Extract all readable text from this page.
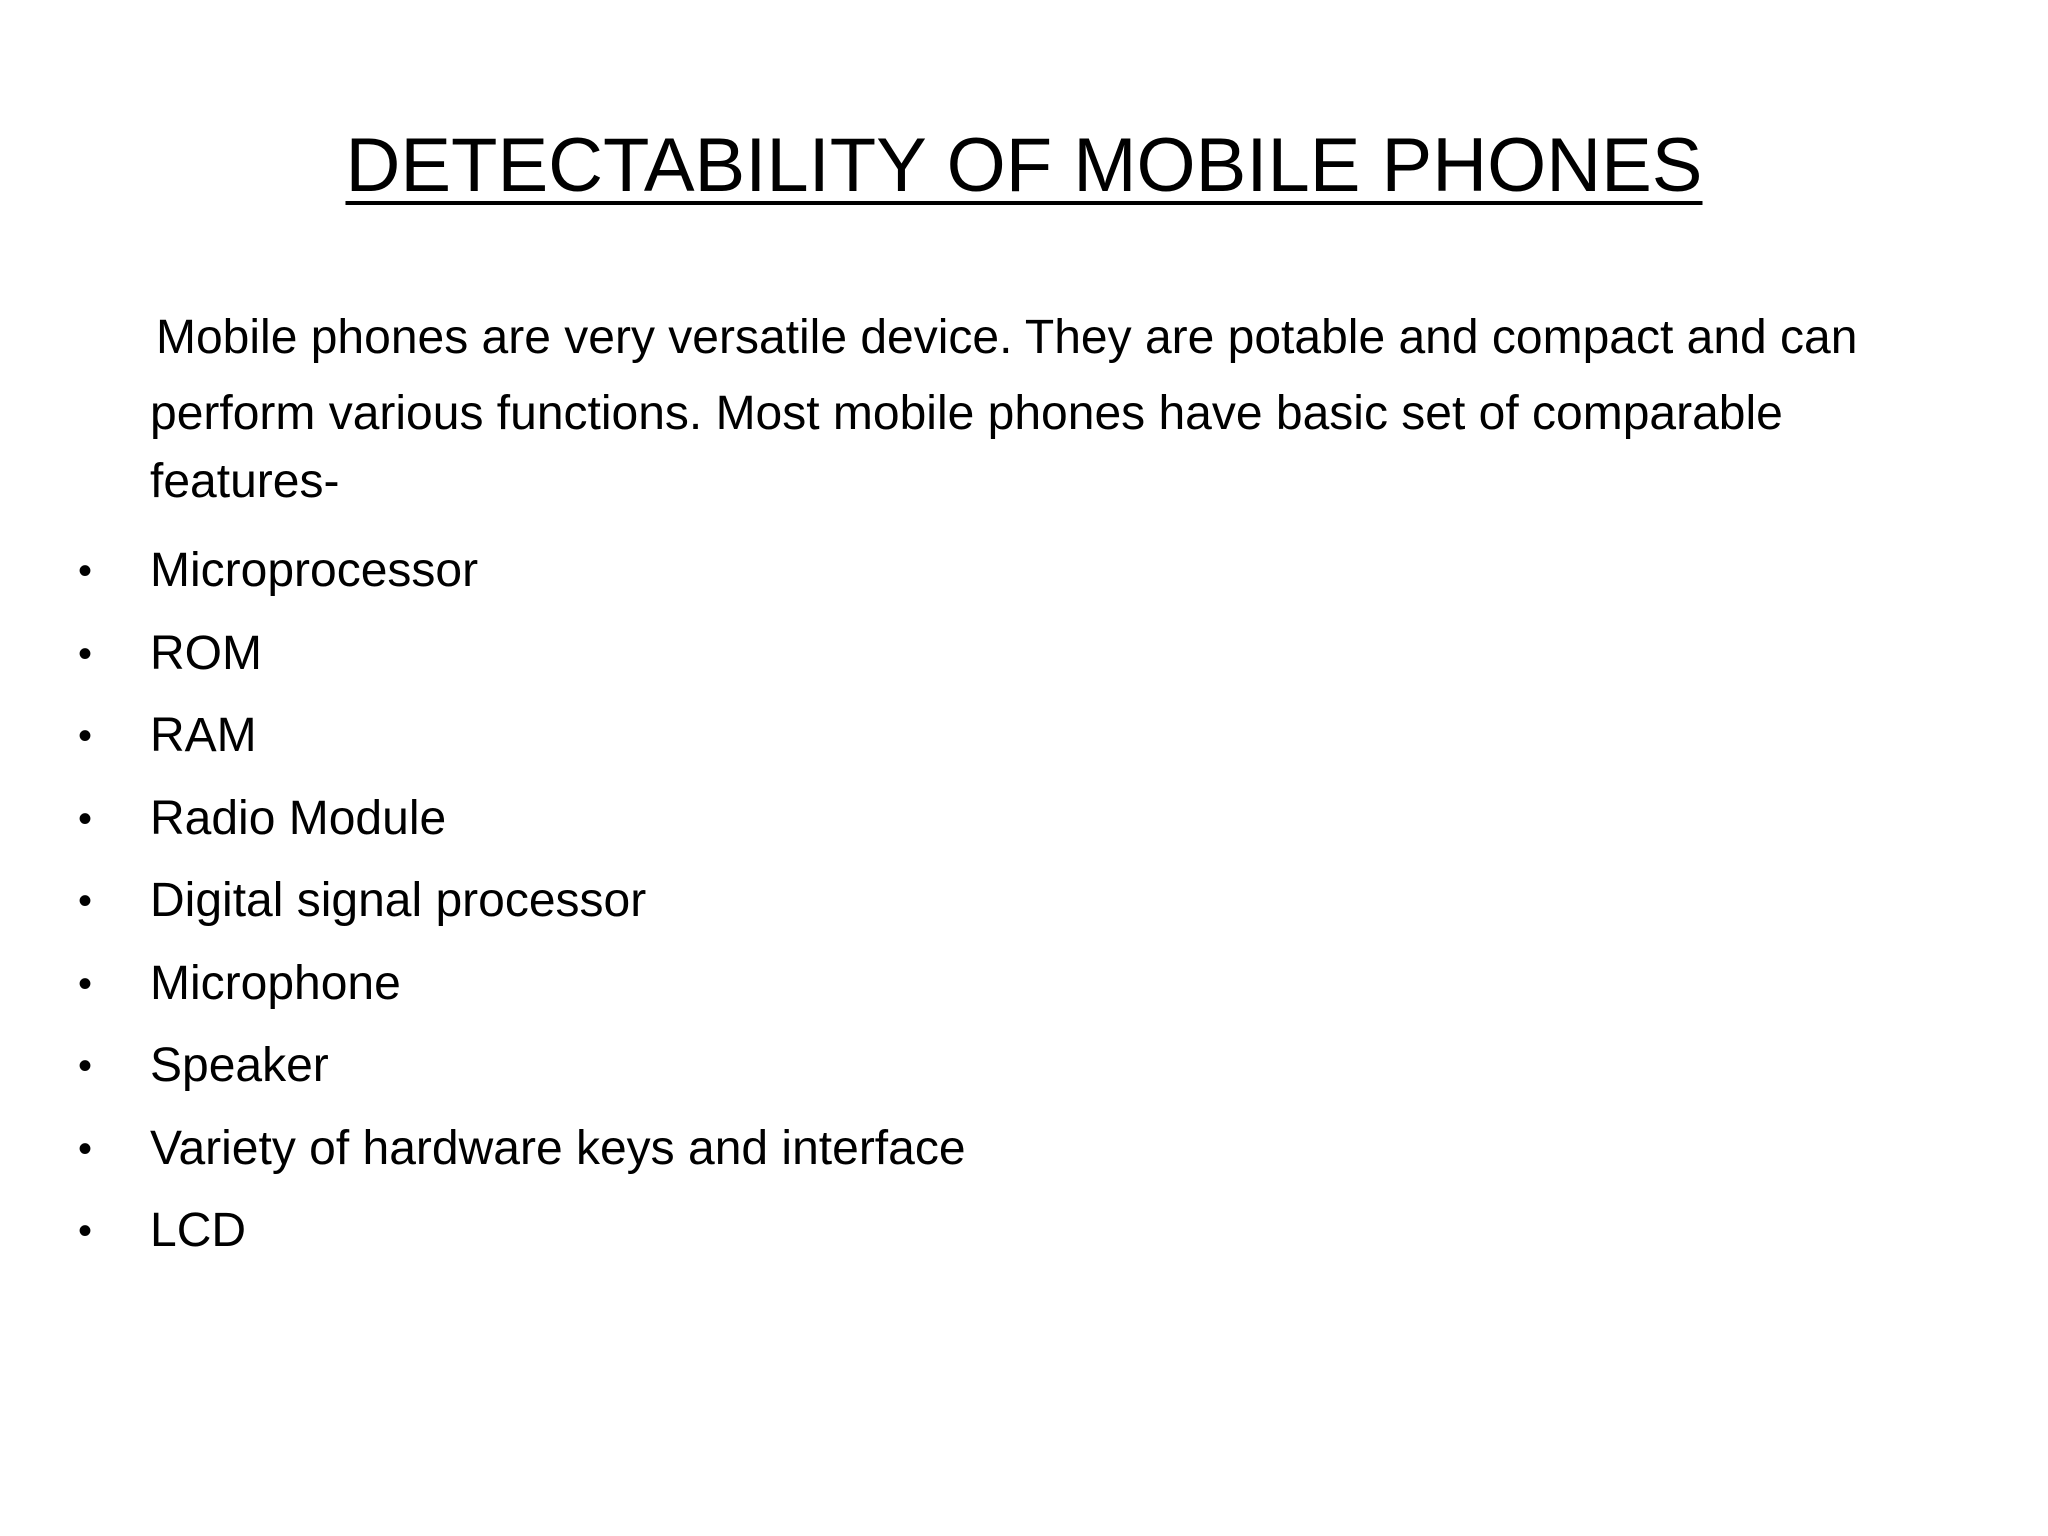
DETECTABILITY OF MOBILE PHONES

Mobile phones are very versatile device. They are potable and compact and can
perform various functions. Most mobile phones have basic set of comparable
features-

• Microprocessor
• ROM
• RAM
• Radio Module
• Digital signal processor
• Microphone
• Speaker
• Variety of hardware keys and interface
• LCD
